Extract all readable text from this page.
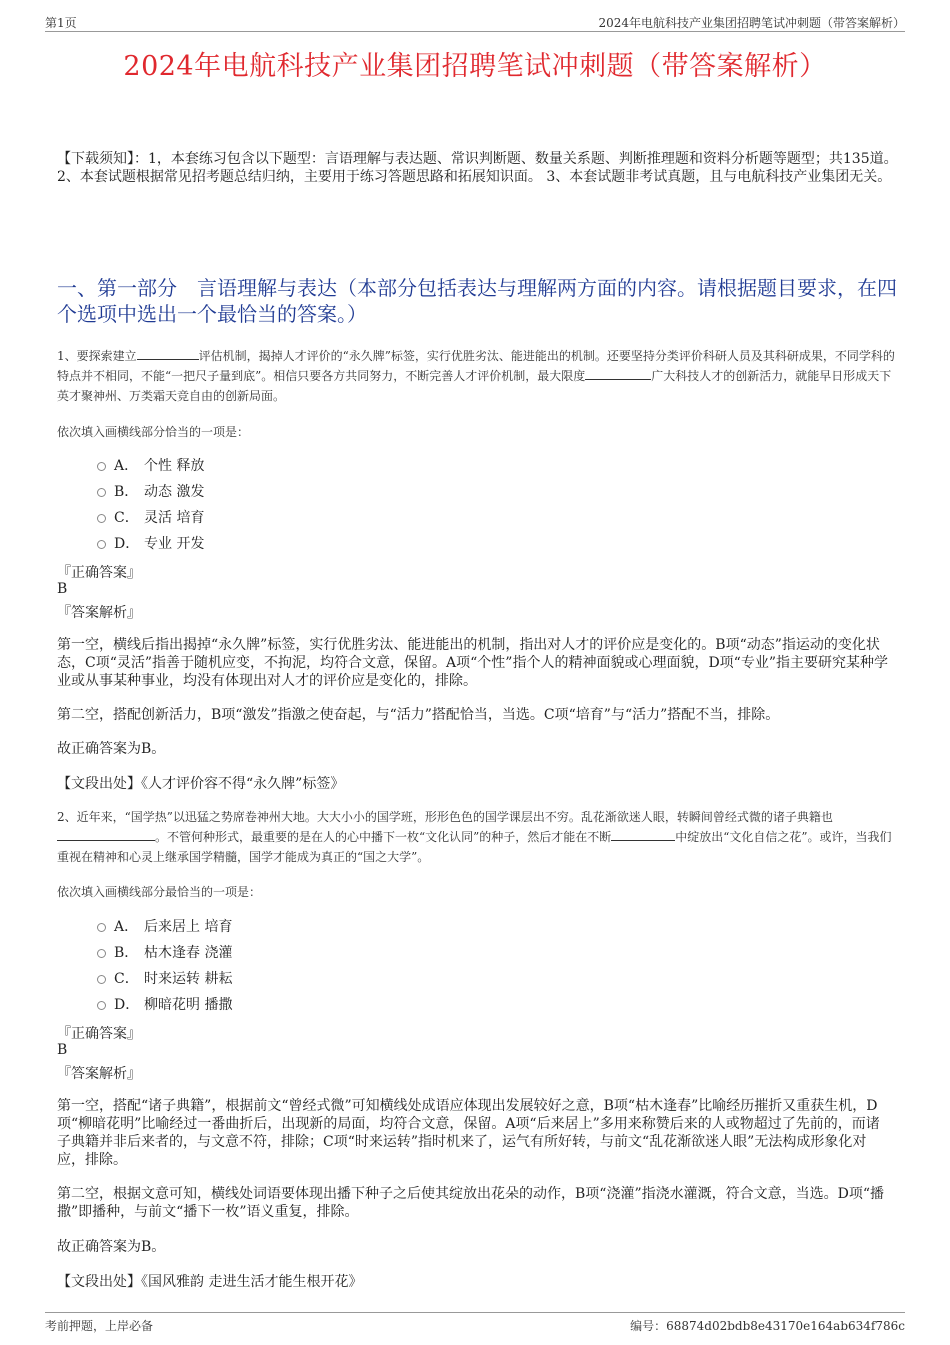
第1页	2024年电航科技产业集团招聘笔试冲刺题（带答案解析）
2024年电航科技产业集团招聘笔试冲刺题（带答案解析）
【下载须知】：1，本套练习包含以下题型：言语理解与表达题、常识判断题、数量关系题、判断推理题和资料分析题等题型；共135道。 2、本套试题根据常见招考题总结归纳，主要用于练习答题思路和拓展知识面。 3、本套试题非考试真题，且与电航科技产业集团无关。
一、第一部分　言语理解与表达（本部分包括表达与理解两方面的内容。请根据题目要求，在四个选项中选出一个最恰当的答案。）
1、要探索建立	评估机制，揭掉人才评价的“永久牌”标签，实行优胜劣汰、能进能出的机制。还要坚持分类评价科研人员及其科研成果，不同学科的特点并不相同，不能“一把尺子量到底”。相信只要各方共同努力，不断完善人才评价机制，最大限度	广大科技人才的创新活力，就能早日形成天下英才聚神州、万类霜天竞自由的创新局面。
依次填入画横线部分恰当的一项是：
A． 个性 释放
B． 动态 激发
C． 灵活 培育
D． 专业 开发
『正确答案』
B
『答案解析』
第一空，横线后指出揭掉“永久牌”标签，实行优胜劣汰、能进能出的机制，指出对人才的评价应是变化的。B项“动态”指运动的变化状态，C项“灵活”指善于随机应变，不拘泥，均符合文意，保留。A项“个性”指个人的精神面貌或心理面貌，D项“专业”指主要研究某种学业或从事某种事业，均没有体现出对人才的评价应是变化的，排除。
第二空，搭配创新活力，B项“激发”指激之使奋起，与“活力”搭配恰当，当选。C项“培育”与“活力”搭配不当，排除。
故正确答案为B。
【文段出处】《人才评价容不得“永久牌”标签》
2、近年来，“国学热”以迅猛之势席卷神州大地。大大小小的国学班，形形色色的国学课层出不穷。乱花渐欲迷人眼，转瞬间曾经式微的诸子典籍也。不管何种形式，最重要的是在人的心中播下一枚“文化认同”的种子，然后才能在不断	中绽放出“文化自信之花”。或许，当我们重视在精神和心灵上继承国学精髓，国学才能成为真正的“国之大学”。
依次填入画横线部分最恰当的一项是：
A． 后来居上 培育
B． 枯木逢春 浇灌
C． 时来运转 耕耘
D． 柳暗花明 播撒
『正确答案』
B
『答案解析』
第一空，搭配“诸子典籍”，根据前文“曾经式微”可知横线处成语应体现出发展较好之意，B项“枯木逢春”比喻经历摧折又重获生机，D项“柳暗花明”比喻经过一番曲折后，出现新的局面，均符合文意，保留。A项“后来居上”多用来称赞后来的人或物超过了先前的，而诸子典籍并非后来者的，与文意不符，排除；C项“时来运转”指时机来了，运气有所好转，与前文“乱花渐欲迷人眼”无法构成形象化对应，排除。
第二空，根据文意可知，横线处词语要体现出播下种子之后使其绽放出花朵的动作，B项“浇灌”指浇水灌溉，符合文意，当选。D项“播撒”即播种，与前文“播下一枚”语义重复，排除。
故正确答案为B。
【文段出处】《国风雅韵 走进生活才能生根开花》
考前押题，上岸必备	编号：68874d02bdb8e43170e164ab634f786c
